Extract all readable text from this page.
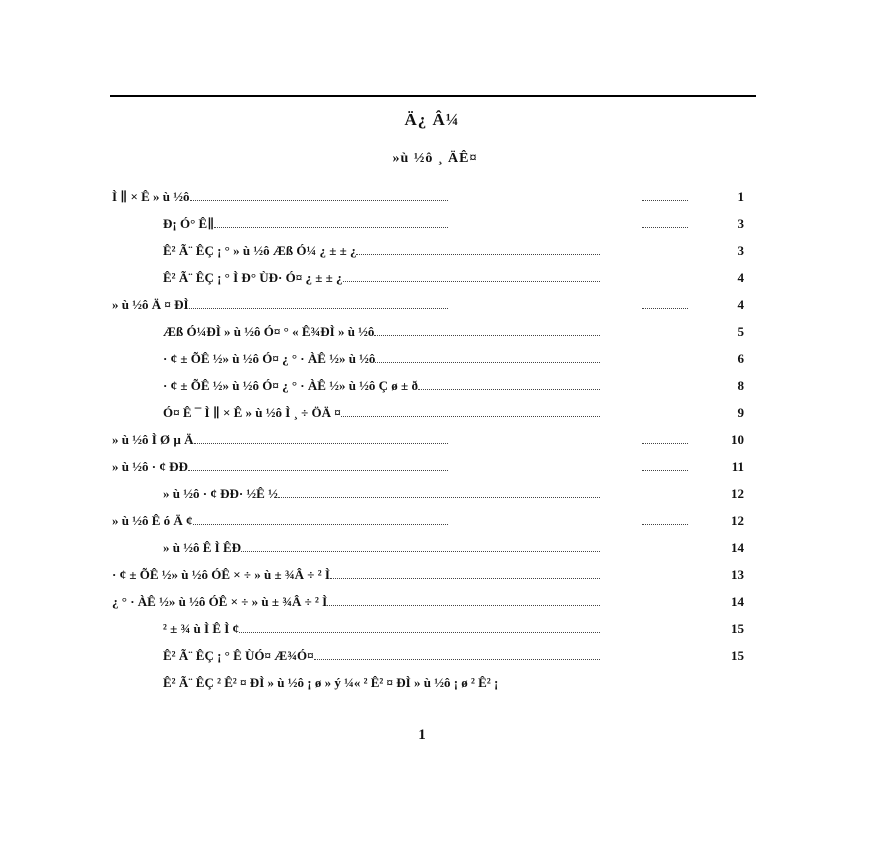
Ä¿ Â¼
»ù ½ô ¸ ÄÊ¤
Ì ∥ × Ê » ù ½ô	1
Ð¡ Ó° Ê∥	3
Ê² Ã¨ ÊÇ ¡ ° » ù ½ô Æß Ó¼ ¿ ± ± ¿	3
Ê² Ã¨ ÊÇ ¡ ° Ì Ð° ÙÐ· Ó¤ ¿ ± ± ¿	4
» ù ½ô Ä ¤ ÐÌ	4
Æß Ó¼ÐÌ » ù ½ô Ó¤ ° « Ê¾ÐÌ » ù ½ô	5
· ¢ ± ÕÊ ½» ù ½ô Ó¤ ¿ ° · ÀÊ ½» ù ½ô	6
· ¢ ± ÕÊ ½» ù ½ô Ó¤ ¿ ° · ÀÊ ½» ù ½ô Ç ø ± ð	8
Ó¤ Ê ¯ Ì ∥ × Ê » ù ½ô Ì ¸ ÷ ÖÄ ¤	9
» ù ½ô Ì Ø µ Ä	10
» ù ½ô · ¢ ÐÐ	11
» ù ½ô · ¢ ÐÐ· ½Ê ½	12
» ù ½ô Ê ó Ä ¢	12
» ù ½ô Ê Ì ÊÐ	14
· ¢ ± ÕÊ ½» ù ½ô ÓÊ × ÷ » ù ± ¾Â ÷ ² Ì	13
¿ ° · ÀÊ ½» ù ½ô ÓÊ × ÷ » ù ± ¾Â ÷ ² Ì	14
² ± ¾ ù Ì Ê Ì ¢	15
Ê² Ã¨ ÊÇ ¡ ° Ê ÙÓ¤ Æ¾Ó¤	15
Ê² Ã¨ ÊÇ ² Ê² ¤ ÐÌ » ù ½ô ¡ ø » ý ¼« ² Ê² ¤ ÐÌ » ù ½ô ¡ ø ² Ê² ¡
1
